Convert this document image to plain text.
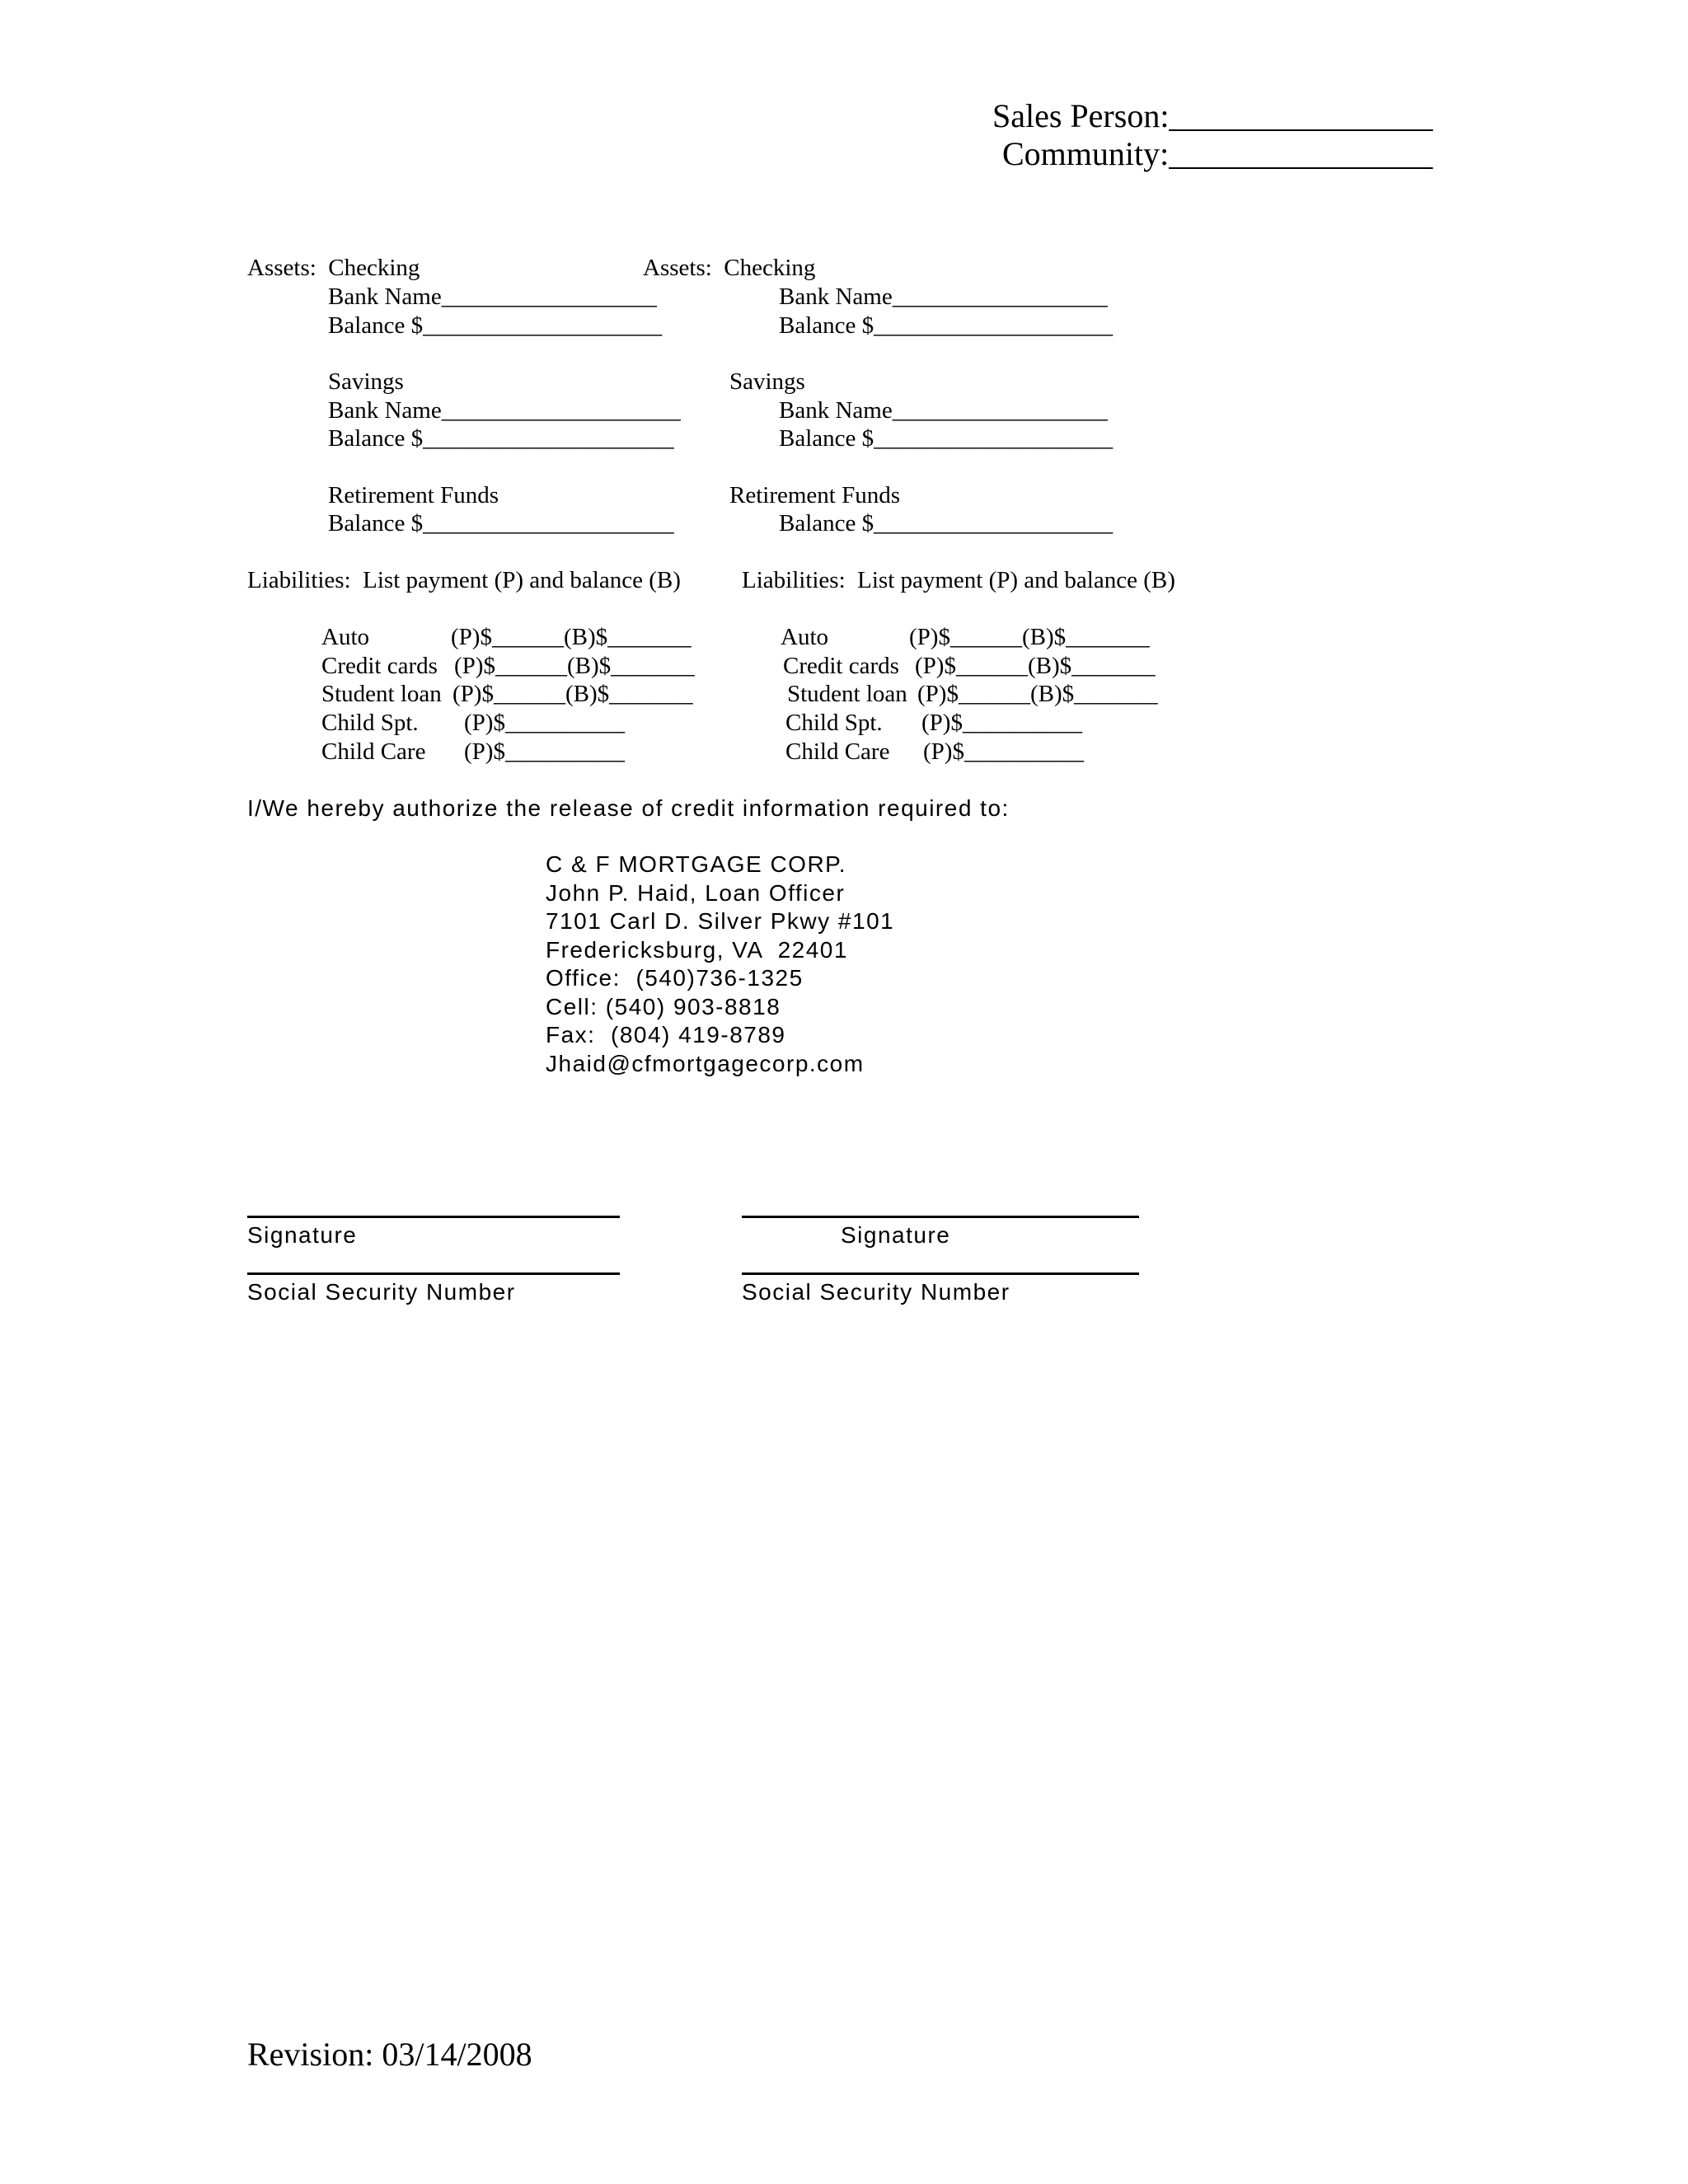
Sales Person:________________
Community:________________
Assets:  Checking
Bank Name__________________
Balance $____________________
Savings
Bank Name____________________
Balance $_____________________
Retirement Funds
Balance $_____________________
Assets:  Checking
Bank Name__________________
Balance $____________________
Savings
Bank Name__________________
Balance $____________________
Retirement Funds
Balance $____________________
Liabilities:  List payment (P) and balance (B)	Liabilities:  List payment (P) and balance (B)
Auto	(P)$______(B)$_______
Credit cards (P)$______(B)$_______
Student loan (P)$______(B)$_______
Child Spt. (P)$__________
Child Care (P)$__________
Auto	(P)$______(B)$_______
Credit cards (P)$______(B)$_______
Student loan (P)$______(B)$_______
Child Spt. (P)$__________
Child Care (P)$__________
I/We hereby authorize the release of credit information required to:
C & F MORTGAGE CORP.
John P. Haid, Loan Officer
7101 Carl D. Silver Pkwy #101
Fredericksburg, VA  22401
Office:  (540)736-1325
Cell: (540) 903-8818
Fax:  (804) 419-8789
Jhaid@cfmortgagecorp.com
Signature	Signature
Social Security Number	Social Security Number
Revision: 03/14/2008
